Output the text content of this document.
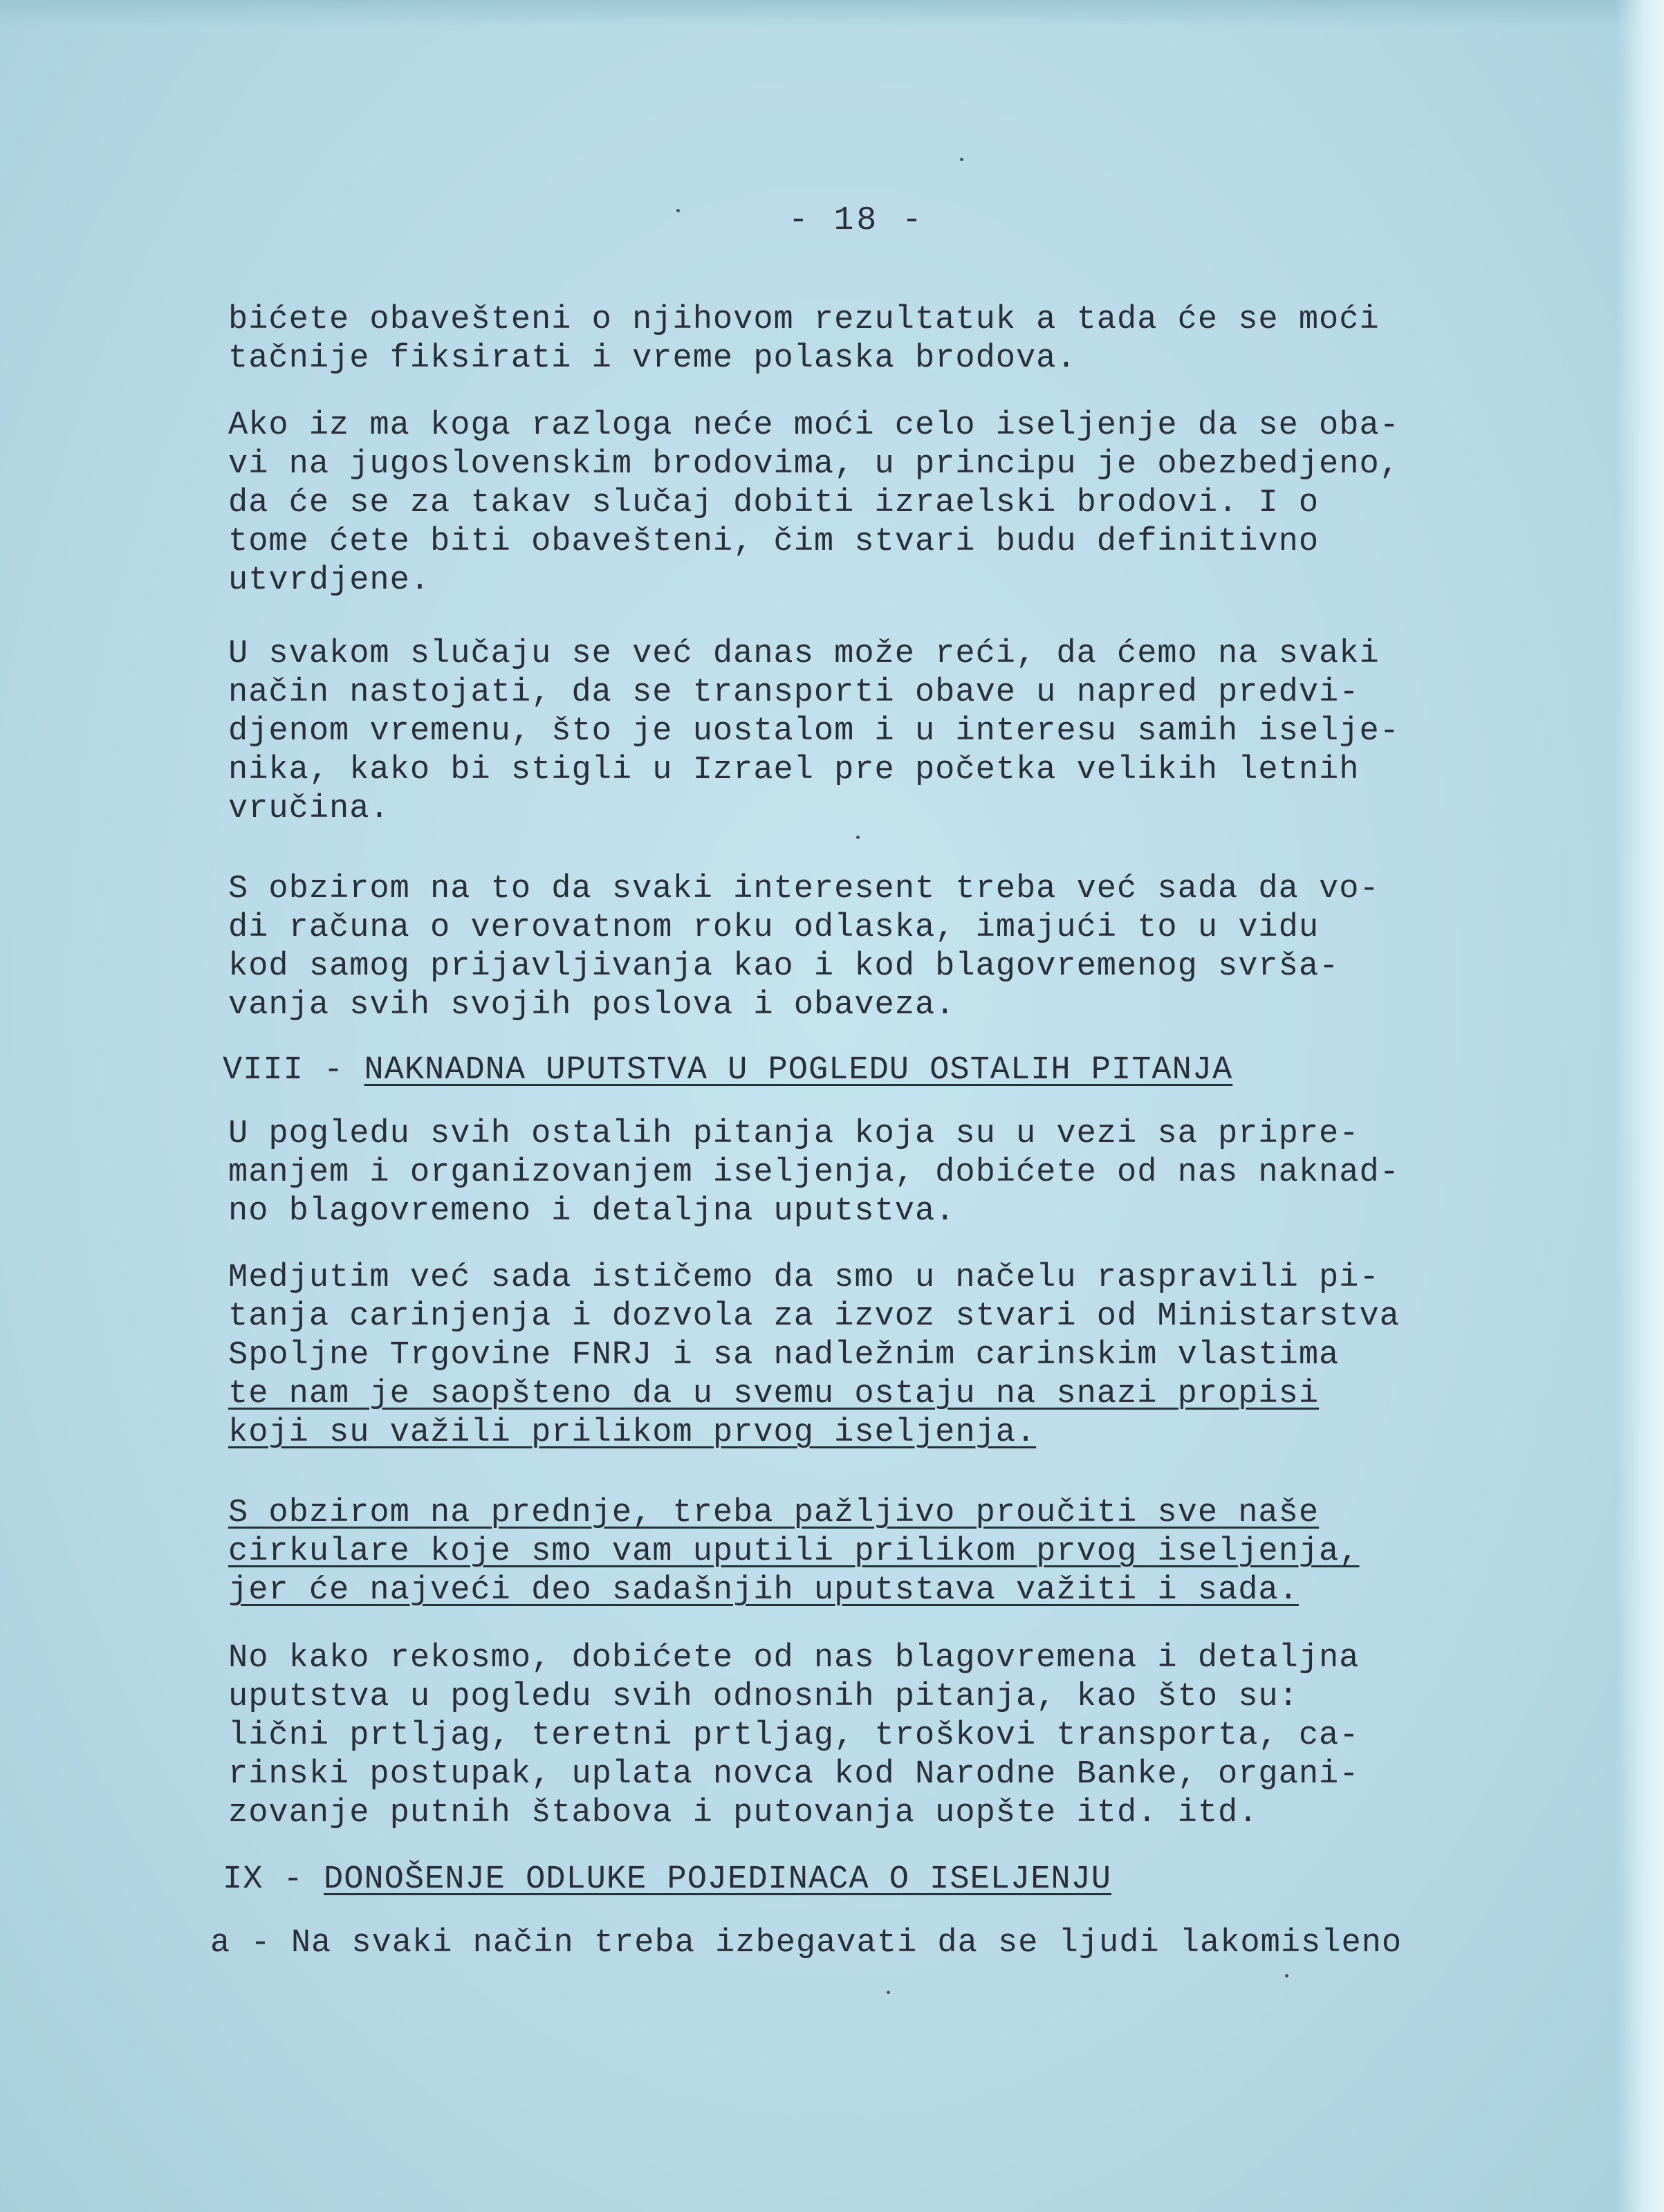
- 18 -
bićete obavešteni o njihovom rezultatuk a tada će se moći
tačnije fiksirati i vreme polaska brodova.
Ako iz ma koga razloga neće moći celo iseljenje da se oba-
vi na jugoslovenskim brodovima, u principu je obezbedjeno,
da će se za takav slučaj dobiti izraelski brodovi. I o
tome ćete biti obavešteni, čim stvari budu definitivno
utvrdjene.
U svakom slučaju se već danas može reći, da ćemo na svaki
način nastojati, da se transporti obave u napred predvi-
djenom vremenu, što je uostalom i u interesu samih iselje-
nika, kako bi stigli u Izrael pre početka velikih letnih
vručina.
S obzirom na to da svaki interesent treba već sada da vo-
di računa o verovatnom roku odlaska, imajući to u vidu
kod samog prijavljivanja kao i kod blagovremenog svrša-
vanja svih svojih poslova i obaveza.
VIII - NAKNADNA UPUTSTVA U POGLEDU OSTALIH PITANJA
U pogledu svih ostalih pitanja koja su u vezi sa pripre-
manjem i organizovanjem iseljenja, dobićete od nas naknad-
no blagovremeno i detaljna uputstva.
Medjutim već sada ističemo da smo u načelu raspravili pi-
tanja carinjenja i dozvola za izvoz stvari od Ministarstva
Spoljne Trgovine FNRJ i sa nadležnim carinskim vlastima
te nam je saopšteno da u svemu ostaju na snazi propisi
koji su važili prilikom prvog iseljenja.
S obzirom na prednje, treba pažljivo proučiti sve naše
cirkulare koje smo vam uputili prilikom prvog iseljenja,
jer će najveći deo sadašnjih uputstava važiti i sada.
No kako rekosmo, dobićete od nas blagovremena i detaljna
uputstva u pogledu svih odnosnih pitanja, kao što su:
lični prtljag, teretni prtljag, troškovi transporta, ca-
rinski postupak, uplata novca kod Narodne Banke, organi-
zovanje putnih štabova i putovanja uopšte itd. itd.
IX - DONOŠENJE ODLUKE POJEDINACA O ISELJENJU
a - Na svaki način treba izbegavati da se ljudi lakomisleno
